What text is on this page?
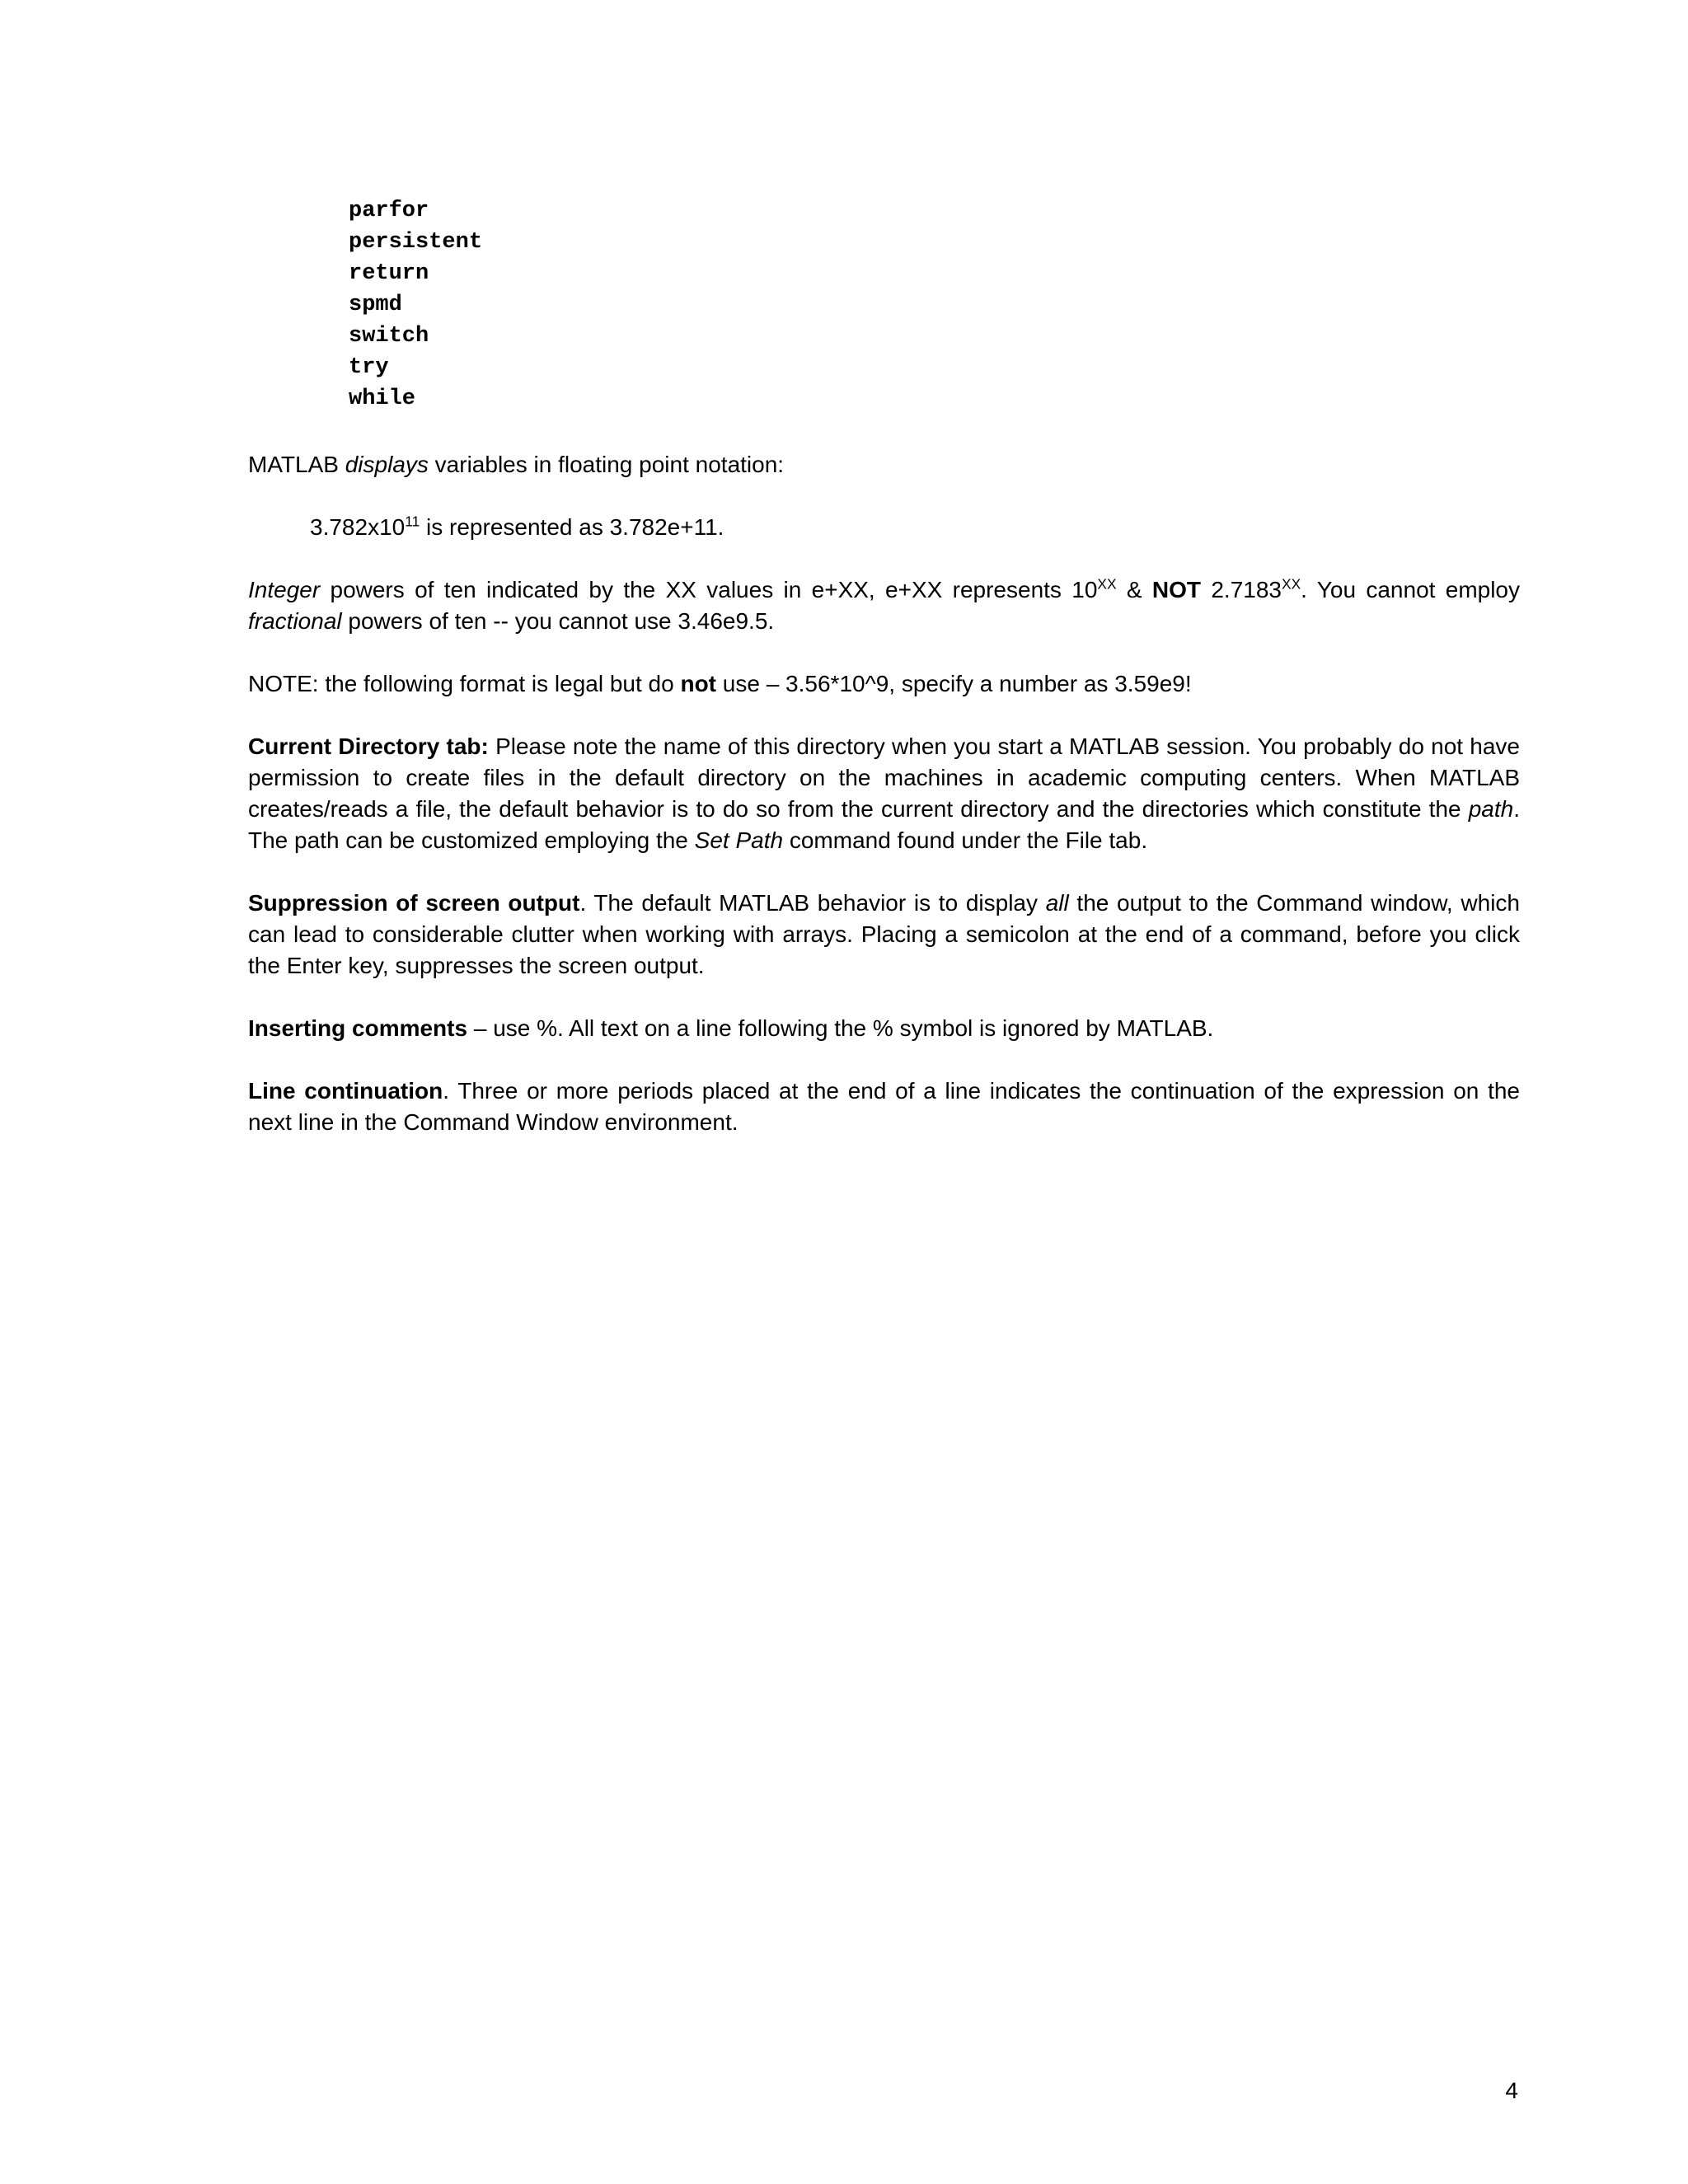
parfor
persistent
return
spmd
switch
try
while

MATLAB displays variables in floating point notation:

$3.782x10^{11}$ is represented as 3.782e+11.

Integer powers of ten indicated by the XX values in e+XX, e+XX represents $10^{XX}$ & NOT $2.7183^{XX}$. You cannot employ fractional powers of ten -- you cannot use 3.46e9.5.

NOTE: the following format is legal but do not use – 3.56*10^9, specify a number as 3.59e9!

Current Directory tab: Please note the name of this directory when you start a MATLAB session. You probably do not have permission to create files in the default directory on the machines in academic computing centers. When MATLAB creates/reads a file, the default behavior is to do so from the current directory and the directories which constitute the path. The path can be customized employing the Set Path command found under the File tab.

Suppression of screen output. The default MATLAB behavior is to display all the output to the Command window, which can lead to considerable clutter when working with arrays. Placing a semicolon at the end of a command, before you click the Enter key, suppresses the screen output.

Inserting comments – use %. All text on a line following the % symbol is ignored by MATLAB.

Line continuation. Three or more periods placed at the end of a line indicates the continuation of the expression on the next line in the Command Window environment.

4
